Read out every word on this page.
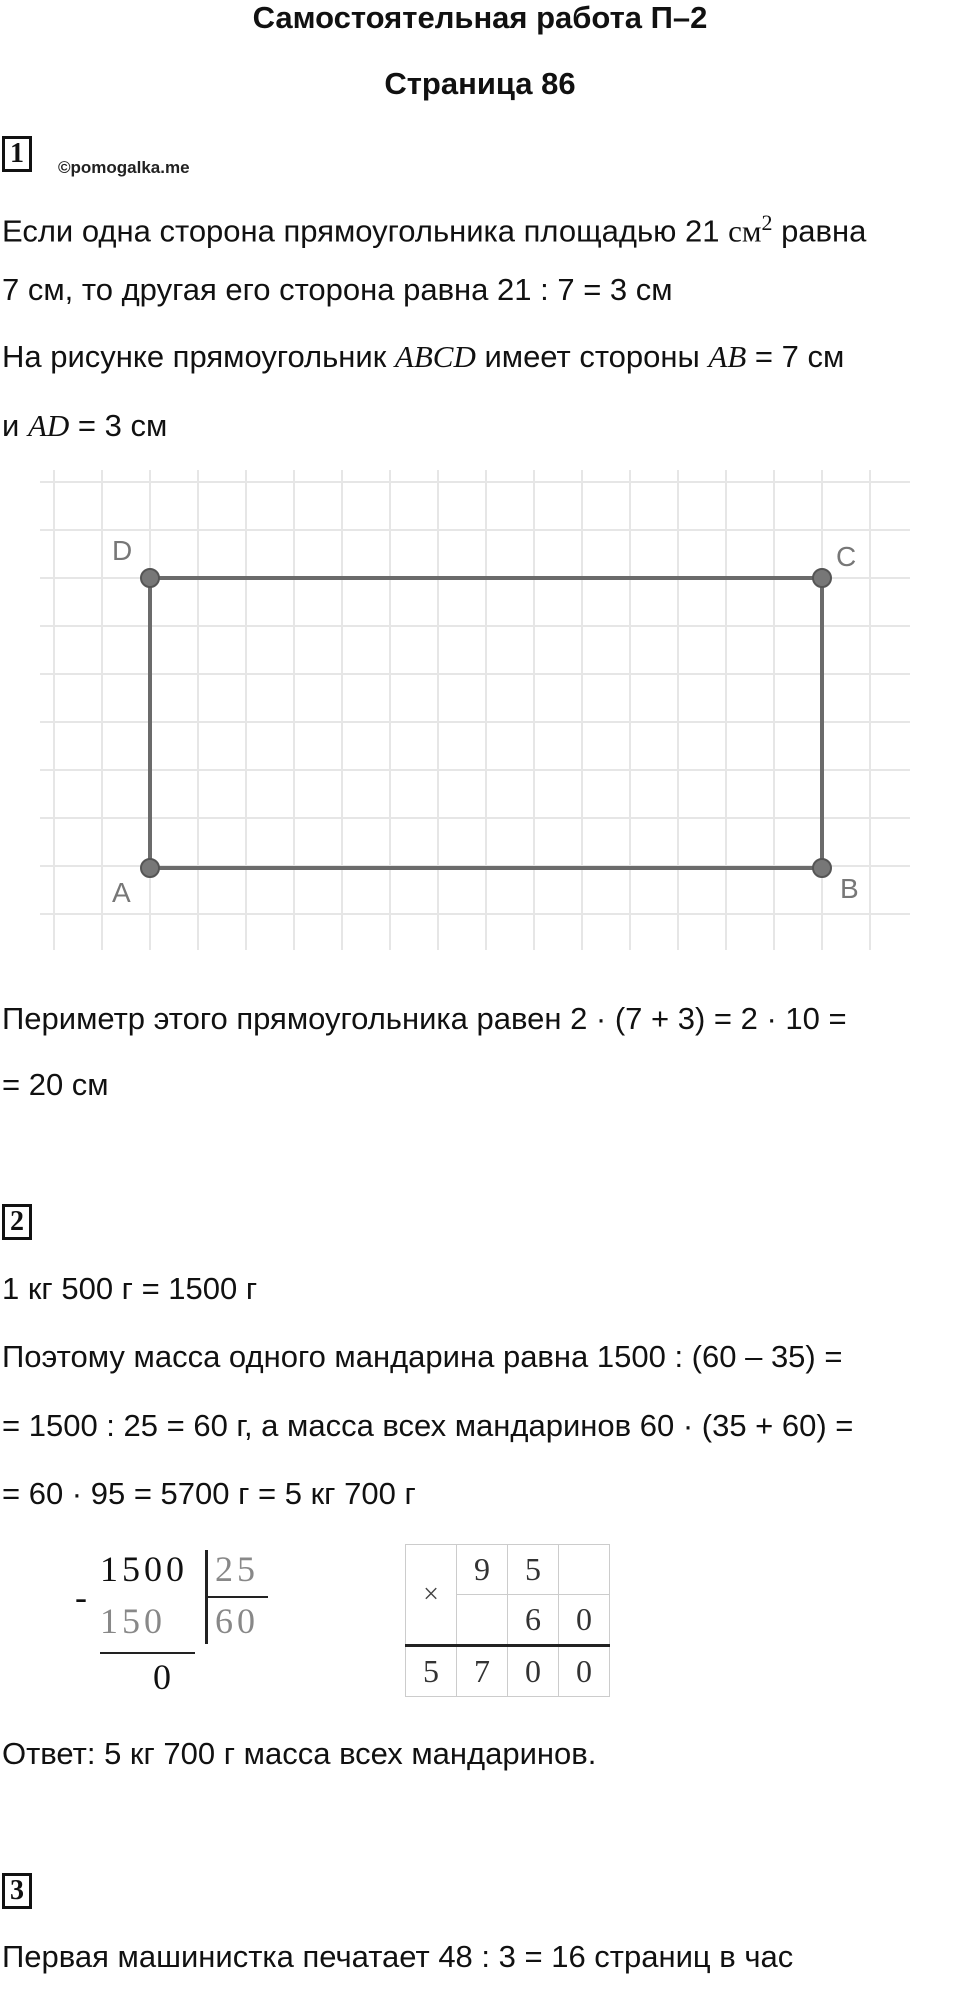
Самостоятельная работа П–2
Страница 86
1	©pomogalka.me
Если одна сторона прямоугольника площадью 21 $см^2$ равна
7 см, то другая его сторона равна 21 : 7 = 3 см
На рисунке прямоугольник ABCD имеет стороны AB = 7 см
и AD = 3 см
D	C
A	B
Периметр этого прямоугольника равен 2 · (7 + 3) = 2 · 10 =
= 20 см
2
1 кг 500 г = 1500 г
Поэтому масса одного мандарина равна 1500 : (60 – 35) =
= 1500 : 25 = 60 г, а масса всех мандаринов 60 · (35 + 60) =
= 60 · 95 = 5700 г = 5 кг 700 г
-
1500 25
150 60
0
×	9	5	
		6	0
5	7	0	0
Ответ: 5 кг 700 г масса всех мандаринов.
3
Первая машинистка печатает 48 : 3 = 16 страниц в час
